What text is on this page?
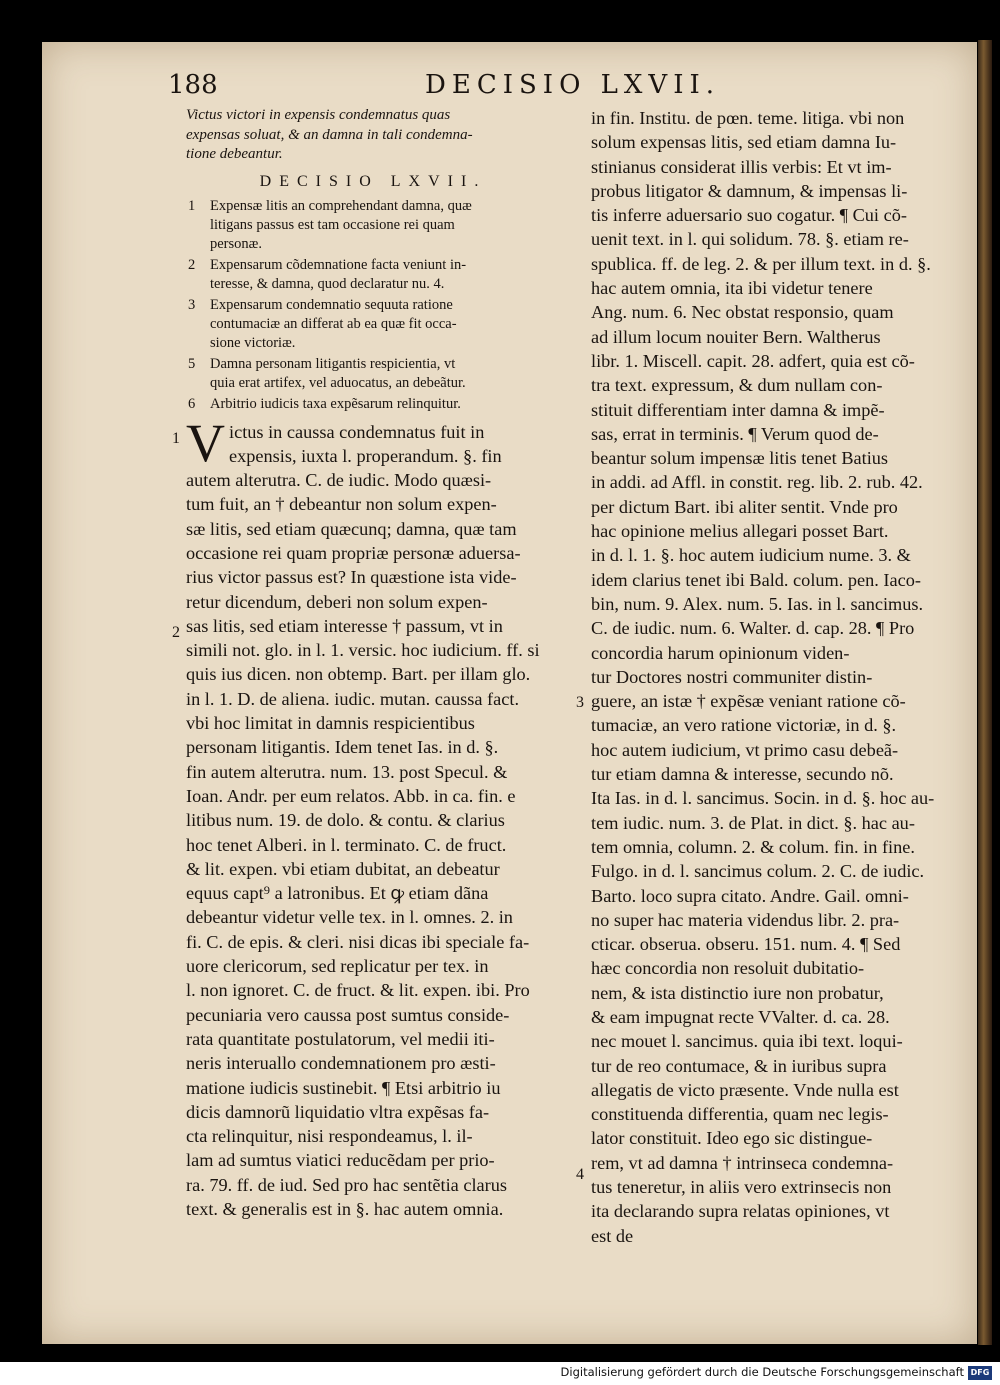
188	DECISIO LXVII.
Victus victori in expensis condemnatus quas
expensas soluat, & an damna in tali condemna-
tione debeantur.
DECISIO LXVII.
1 Expensæ litis an comprehendant damna, quæ
litigans passus est tam occasione rei quam
personæ.
2 Expensarum cõdemnatione facta veniunt in-
teresse, & damna, quod declaratur nu. 4.
3 Expensarum condemnatio sequuta ratione
contumaciæ an differat ab ea quæ fit occa-
sione victoriæ.
5 Damna personam litigantis respicientia, vt
quia erat artifex, vel aduocatus, an debeãtur.
6 Arbitrio iudicis taxa expẽsarum relinquitur.
V ictus in caussa condemnatus fuit in
expensis, iuxta l. properandum. §. fin
autem alterutra. C. de iudic. Modo quæsi-
tum fuit, an † debeantur non solum expen-
sæ litis, sed etiam quæcunq; damna, quæ tam
occasione rei quam propriæ personæ aduersa-
rius victor passus est? In quæstione ista vide-
retur dicendum, deberi non solum expen-
sas litis, sed etiam interesse † passum, vt in
simili not. glo. in l. 1. versic. hoc iudicium. ff. si
quis ius dicen. non obtemp. Bart. per illam glo.
in l. 1. D. de aliena. iudic. mutan. caussa fact.
vbi hoc limitat in damnis respicientibus
personam litigantis. Idem tenet Ias. in d. §.
fin autem alterutra. num. 13. post Specul. &
Ioan. Andr. per eum relatos. Abb. in ca. fin. e
litibus num. 19. de dolo. & contu. & clarius
hoc tenet Alberi. in l. terminato. C. de fruct.
& lit. expen. vbi etiam dubitat, an debeatur
equus capt⁹ a latronibus. Et ꝙ etiam dãna
debeantur videtur velle tex. in l. omnes. 2. in
fi. C. de epis. & cleri. nisi dicas ibi speciale fa-
uore clericorum, sed replicatur per tex. in
l. non ignoret. C. de fruct. & lit. expen. ibi. Pro
pecuniaria vero caussa post sumtus conside-
rata quantitate postulatorum, vel medii iti-
neris interuallo condemnationem pro æsti-
matione iudicis sustinebit. ¶ Etsi arbitrio iu
dicis damnorũ liquidatio vltra expẽsas fa-
cta relinquitur, nisi respondeamus, l. il-
lam ad sumtus viatici reducẽdam per prio-
ra. 79. ff. de iud. Sed pro hac sentẽtia clarus
text. & generalis est in §. hac autem omnia.
in fin. Institu. de pœn. teme. litiga. vbi non
solum expensas litis, sed etiam damna Iu-
stinianus considerat illis verbis: Et vt im-
probus litigator & damnum, & impensas li-
tis inferre aduersario suo cogatur. ¶ Cui cõ-
uenit text. in l. qui solidum. 78. §. etiam re-
spublica. ff. de leg. 2. & per illum text. in d. §.
hac autem omnia, ita ibi videtur tenere
Ang. num. 6. Nec obstat responsio, quam
ad illum locum nouiter Bern. Waltherus
libr. 1. Miscell. capit. 28. adfert, quia est cõ-
tra text. expressum, & dum nullam con-
stituit differentiam inter damna & impẽ-
sas, errat in terminis. ¶ Verum quod de-
beantur solum impensæ litis tenet Batius
in addi. ad Affl. in constit. reg. lib. 2. rub. 42.
per dictum Bart. ibi aliter sentit. Vnde pro
hac opinione melius allegari posset Bart.
in d. l. 1. §. hoc autem iudicium nume. 3. &
idem clarius tenet ibi Bald. colum. pen. Iaco-
bin, num. 9. Alex. num. 5. Ias. in l. sancimus.
C. de iudic. num. 6. Walter. d. cap. 28. ¶ Pro
concordia harum opinionum viden-
tur Doctores nostri communiter distin-
guere, an istæ † expẽsæ veniant ratione cõ-
tumaciæ, an vero ratione victoriæ, in d. §.
hoc autem iudicium, vt primo casu debeã-
tur etiam damna & interesse, secundo nõ.
Ita Ias. in d. l. sancimus. Socin. in d. §. hoc au-
tem iudic. num. 3. de Plat. in dict. §. hac au-
tem omnia, column. 2. & colum. fin. in fine.
Fulgo. in d. l. sancimus colum. 2. C. de iudic.
Barto. loco supra citato. Andre. Gail. omni-
no super hac materia videndus libr. 2. pra-
cticar. obserua. obseru. 151. num. 4. ¶ Sed
hæc concordia non resoluit dubitatio-
nem, & ista distinctio iure non probatur,
& eam impugnat recte VValter. d. ca. 28.
nec mouet l. sancimus. quia ibi text. loqui-
tur de reo contumace, & in iuribus supra
allegatis de victo præsente. Vnde nulla est
constituenda differentia, quam nec legis-
lator constituit. Ideo ego sic distingue-
rem, vt ad damna † intrinseca condemna-
tus teneretur, in aliis vero extrinsecis non
ita declarando supra relatas opiniones, vt
est de
1
2
3
4
Digitalisierung gefördert durch die Deutsche Forschungsgemeinschaft DFG
